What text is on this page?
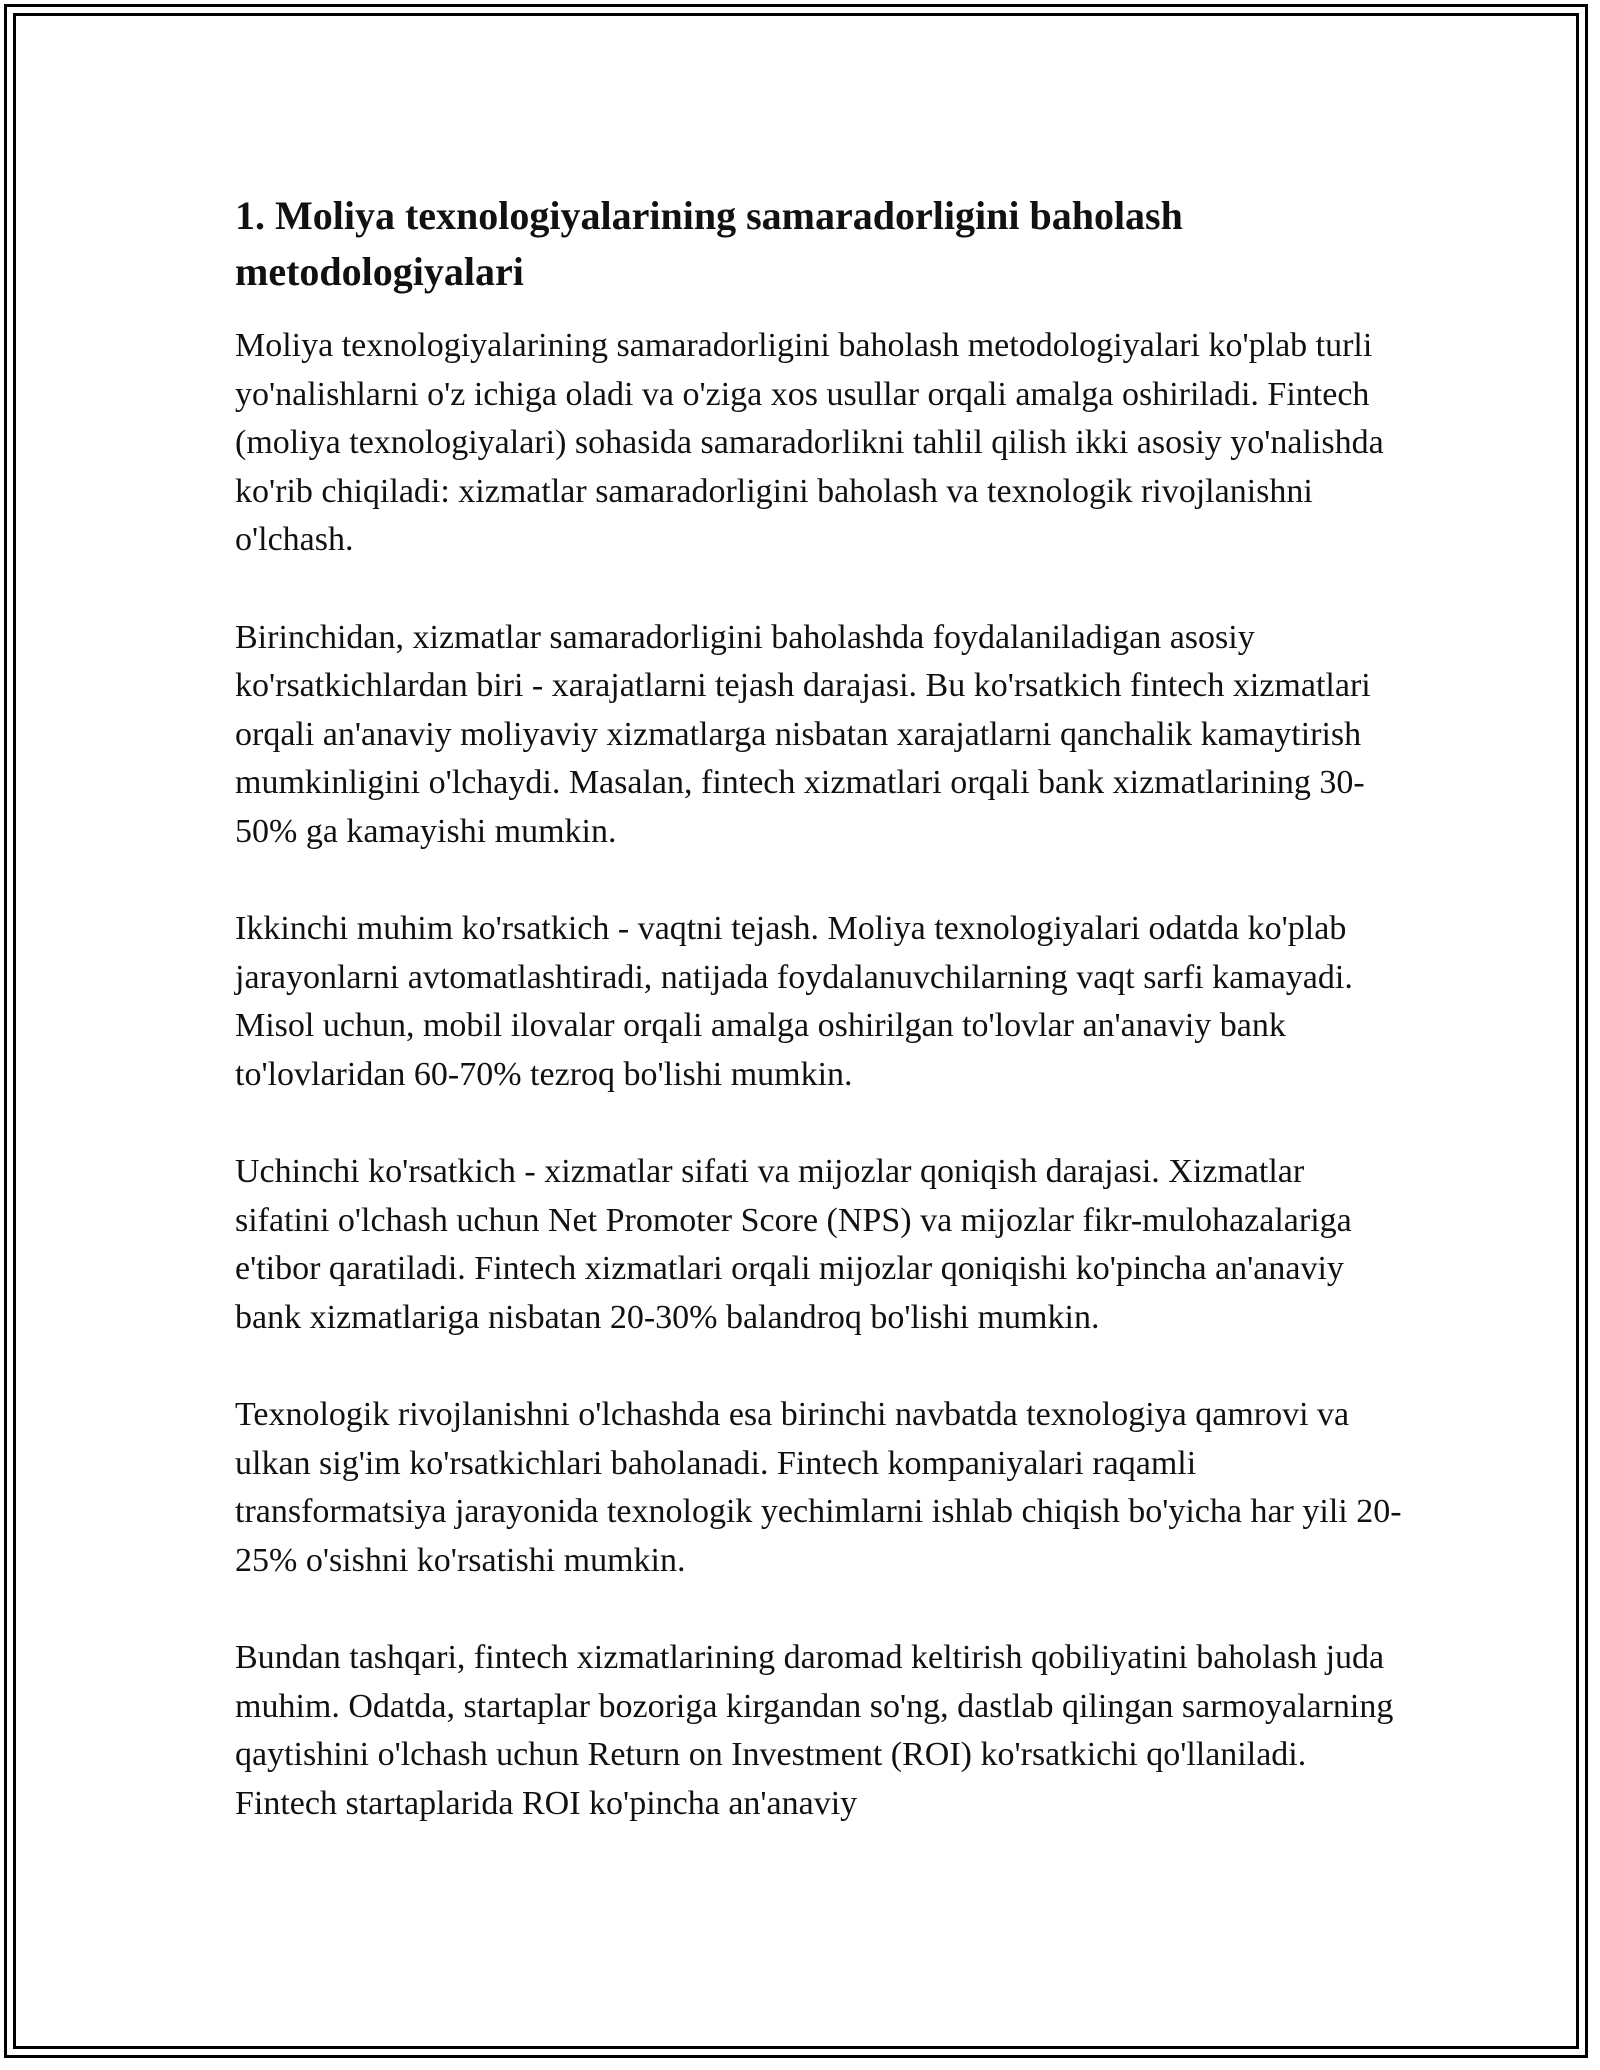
1. Moliya texnologiyalarining samaradorligini baholash metodologiyalari

Moliya texnologiyalarining samaradorligini baholash metodologiyalari ko'plab turli yo'nalishlarni o'z ichiga oladi va o'ziga xos usullar orqali amalga oshiriladi. Fintech (moliya texnologiyalari) sohasida samaradorlikni tahlil qilish ikki asosiy yo'nalishda ko'rib chiqiladi: xizmatlar samaradorligini baholash va texnologik rivojlanishni o'lchash.

Birinchidan, xizmatlar samaradorligini baholashda foydalaniladigan asosiy ko'rsatkichlardan biri - xarajatlarni tejash darajasi. Bu ko'rsatkich fintech xizmatlari orqali an'anaviy moliyaviy xizmatlarga nisbatan xarajatlarni qanchalik kamaytirish mumkinligini o'lchaydi. Masalan, fintech xizmatlari orqali bank xizmatlarining 30-50% ga kamayishi mumkin.

Ikkinchi muhim ko'rsatkich - vaqtni tejash. Moliya texnologiyalari odatda ko'plab jarayonlarni avtomatlashtiradi, natijada foydalanuvchilarning vaqt sarfi kamayadi. Misol uchun, mobil ilovalar orqali amalga oshirilgan to'lovlar an'anaviy bank to'lovlaridan 60-70% tezroq bo'lishi mumkin.

Uchinchi ko'rsatkich - xizmatlar sifati va mijozlar qoniqish darajasi. Xizmatlar sifatini o'lchash uchun Net Promoter Score (NPS) va mijozlar fikr-mulohazalariga e'tibor qaratiladi. Fintech xizmatlari orqali mijozlar qoniqishi ko'pincha an'anaviy bank xizmatlariga nisbatan 20-30% balandroq bo'lishi mumkin.

Texnologik rivojlanishni o'lchashda esa birinchi navbatda texnologiya qamrovi va ulkan sig'im ko'rsatkichlari baholanadi. Fintech kompaniyalari raqamli transformatsiya jarayonida texnologik yechimlarni ishlab chiqish bo'yicha har yili 20-25% o'sishni ko'rsatishi mumkin.

Bundan tashqari, fintech xizmatlarining daromad keltirish qobiliyatini baholash juda muhim. Odatda, startaplar bozoriga kirgandan so'ng, dastlab qilingan sarmoyalarning qaytishini o'lchash uchun Return on Investment (ROI) ko'rsatkichi qo'llaniladi. Fintech startaplarida ROI ko'pincha an'anaviy
